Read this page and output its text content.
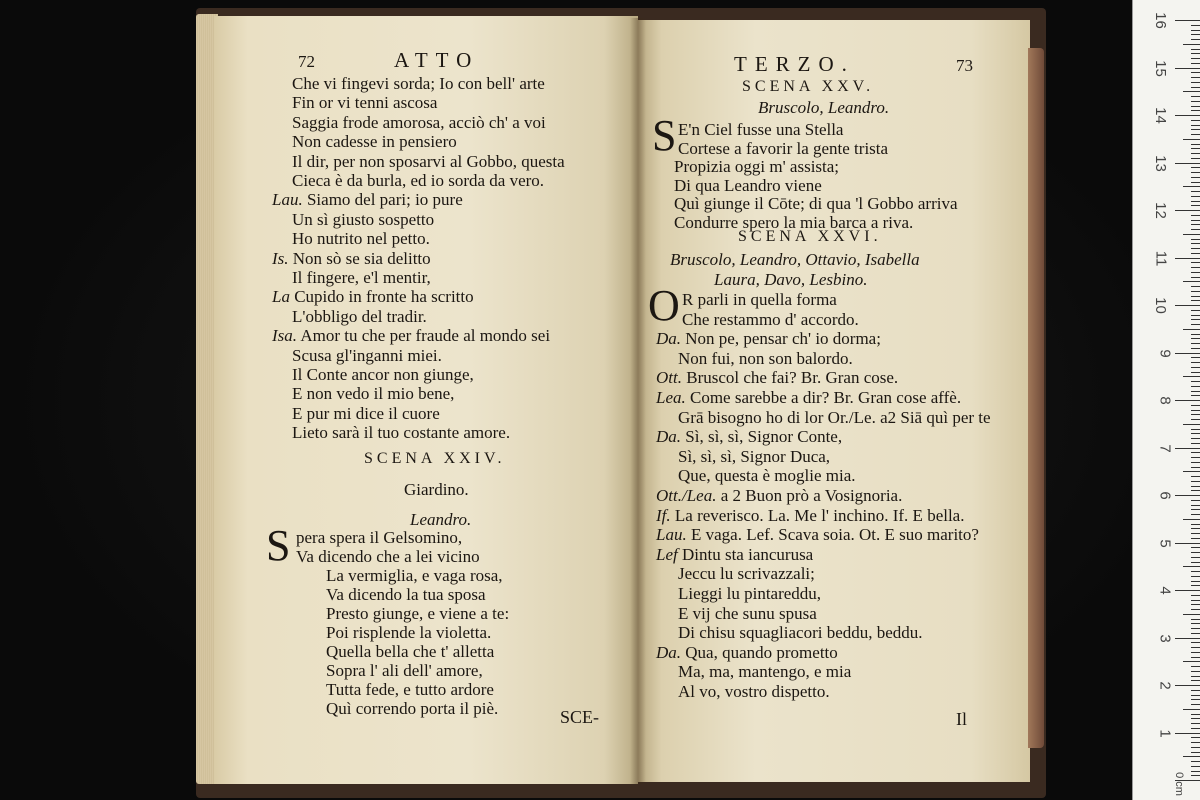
72	ATTO
Che vi fingevi sorda; Io con bell' arte
Fin or vi tenni ascosa
Saggia frode amorosa, acciò ch' a voi
Non cadesse in pensiero
Il dir, per non sposarvi al Gobbo, questa
Cieca è da burla, ed io sorda da vero.
Lau. Siamo del pari; io pure
Un sì giusto sospetto
Ho nutrito nel petto.
Is. Non sò se sia delitto
Il fingere, e'l mentir,
La Cupido in fronte ha scritto
L'obbligo del tradir.
Isa. Amor tu che per fraude al mondo sei
Scusa gl'inganni miei.
Il Conte ancor non giunge,
E non vedo il mio bene,
E pur mi dice il cuore
Lieto sarà il tuo costante amore.
SCENA XXIV.
Giardino.
Leandro.
S pera spera il Gelsomino,
Va dicendo che a lei vicino
La vermiglia, e vaga rosa,
Va dicendo la tua sposa
Presto giunge, e viene a te:
Poi risplende la violetta.
Quella bella che t' alletta
Sopra l' ali dell' amore,
Tutta fede, e tutto ardore
Quì correndo porta il piè.	SCE-
TERZO.	73
SCENA XXV.
Bruscolo, Leandro.
S E'n Ciel fusse una Stella
Cortese a favorir la gente trista
Propizia oggi m' assista;
Di qua Leandro viene
Quì giunge il Cōte; di qua 'l Gobbo arriva
Condurre spero la mia barca a riva.
SCENA XXVI.
Bruscolo, Leandro, Ottavio, Isabella
Laura, Davo, Lesbino.
O R parli in quella forma
Che restammo d' accordo.
Da. Non pe, pensar ch' io dorma;
Non fui, non son balordo.
Ott. Bruscol che fai? Br. Gran cose.
Lea. Come sarebbe a dir? Br. Gran cose affè.
Grā bisogno ho di lor Or./Le. a2 Siā quì per te
Da. Sì, sì, sì, Signor Conte,
Sì, sì, sì, Signor Duca,
Que, questa è moglie mia.
Ott./Lea. a 2 Buon prò a Vosignoria.
If. La reverisco. La. Me l' inchino. If. E bella.
Lau. E vaga. Lef. Scava soia. Ot. E suo marito?
Lef Dintu sta iancurusa
Jeccu lu scrivazzali;
Lieggi lu pintareddu,
E vij che sunu spusa
Di chisu squagliacori beddu, beddu.
Da. Qua, quando prometto
Ma, ma, mantengo, e mia
Al vo, vostro dispetto.
Il
16
15
14
13
12
11
10
9
8
7
6
5
4
3
2
1
0 cm
